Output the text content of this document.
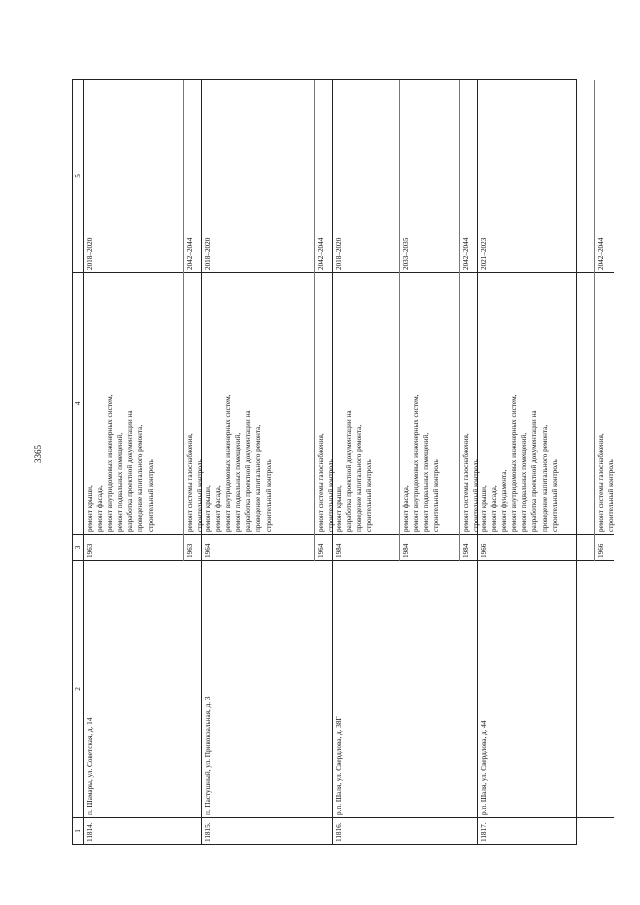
3365
1
2
3
4
5
11814.
п. Шамары, ул. Советская, д. 14
1963
ремонт крыши, ремонт фасада, ремонт внутридомовых инженерных систем, ремонт подвальных помещений, разработка проектной документации на проведение капитального ремонта, строительный контроль
2018–2020
1963
ремонт системы газоснабжения, строительный контроль
2042–2044
11815.
п. Пастушный, ул. Привокзальная, д. 3
1964
ремонт крыши, ремонт фасада, ремонт внутридомовых инженерных систем, ремонт подвальных помещений, разработка проектной документации на проведение капитального ремонта, строительный контроль
2018–2020
1964
ремонт системы газоснабжения, строительный контроль
2042–2044
11816.
р.п. Шаля, ул. Свердлова, д. 38Г
1984
ремонт крыши, разработка проектной документации на проведение капитального ремонта, строительный контроль
2018–2020
1984
ремонт фасада, ремонт внутридомовых инженерных систем, ремонт подвальных помещений, строительный контроль
2033–2035
1984
ремонт системы газоснабжения, строительный контроль
2042–2044
11817.
р.п. Шаля, ул. Свердлова, д. 44
1966
ремонт крыши, ремонт фасада, ремонт фундамента, ремонт внутридомовых инженерных систем, ремонт подвальных помещений, разработка проектной документации на проведение капитального ремонта, строительный контроль
2021–2023
1966
ремонт системы газоснабжения, строительный контроль
2042–2044
